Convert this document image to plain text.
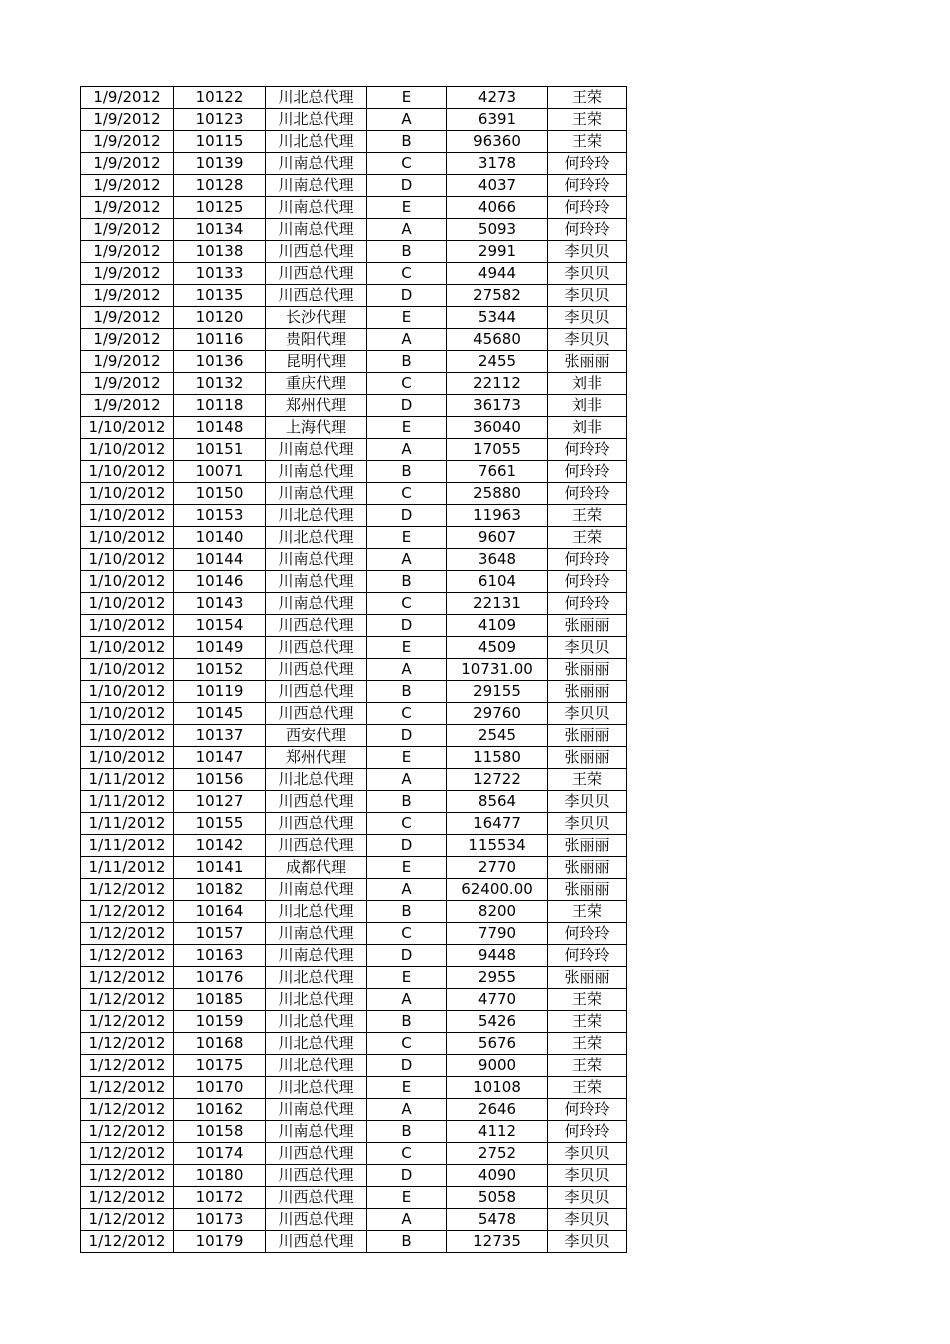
1/9/2012	10122	川北总代理	E	4273	王荣
1/9/2012	10123	川北总代理	A	6391	王荣
1/9/2012	10115	川北总代理	B	96360	王荣
1/9/2012	10139	川南总代理	C	3178	何玲玲
1/9/2012	10128	川南总代理	D	4037	何玲玲
1/9/2012	10125	川南总代理	E	4066	何玲玲
1/9/2012	10134	川南总代理	A	5093	何玲玲
1/9/2012	10138	川西总代理	B	2991	李贝贝
1/9/2012	10133	川西总代理	C	4944	李贝贝
1/9/2012	10135	川西总代理	D	27582	李贝贝
1/9/2012	10120	长沙代理	E	5344	李贝贝
1/9/2012	10116	贵阳代理	A	45680	李贝贝
1/9/2012	10136	昆明代理	B	2455	张丽丽
1/9/2012	10132	重庆代理	C	22112	刘非
1/9/2012	10118	郑州代理	D	36173	刘非
1/10/2012	10148	上海代理	E	36040	刘非
1/10/2012	10151	川南总代理	A	17055	何玲玲
1/10/2012	10071	川南总代理	B	7661	何玲玲
1/10/2012	10150	川南总代理	C	25880	何玲玲
1/10/2012	10153	川北总代理	D	11963	王荣
1/10/2012	10140	川北总代理	E	9607	王荣
1/10/2012	10144	川南总代理	A	3648	何玲玲
1/10/2012	10146	川南总代理	B	6104	何玲玲
1/10/2012	10143	川南总代理	C	22131	何玲玲
1/10/2012	10154	川西总代理	D	4109	张丽丽
1/10/2012	10149	川西总代理	E	4509	李贝贝
1/10/2012	10152	川西总代理	A	10731.00	张丽丽
1/10/2012	10119	川西总代理	B	29155	张丽丽
1/10/2012	10145	川西总代理	C	29760	李贝贝
1/10/2012	10137	西安代理	D	2545	张丽丽
1/10/2012	10147	郑州代理	E	11580	张丽丽
1/11/2012	10156	川北总代理	A	12722	王荣
1/11/2012	10127	川西总代理	B	8564	李贝贝
1/11/2012	10155	川西总代理	C	16477	李贝贝
1/11/2012	10142	川西总代理	D	115534	张丽丽
1/11/2012	10141	成都代理	E	2770	张丽丽
1/12/2012	10182	川南总代理	A	62400.00	张丽丽
1/12/2012	10164	川北总代理	B	8200	王荣
1/12/2012	10157	川南总代理	C	7790	何玲玲
1/12/2012	10163	川南总代理	D	9448	何玲玲
1/12/2012	10176	川北总代理	E	2955	张丽丽
1/12/2012	10185	川北总代理	A	4770	王荣
1/12/2012	10159	川北总代理	B	5426	王荣
1/12/2012	10168	川北总代理	C	5676	王荣
1/12/2012	10175	川北总代理	D	9000	王荣
1/12/2012	10170	川北总代理	E	10108	王荣
1/12/2012	10162	川南总代理	A	2646	何玲玲
1/12/2012	10158	川南总代理	B	4112	何玲玲
1/12/2012	10174	川西总代理	C	2752	李贝贝
1/12/2012	10180	川西总代理	D	4090	李贝贝
1/12/2012	10172	川西总代理	E	5058	李贝贝
1/12/2012	10173	川西总代理	A	5478	李贝贝
1/12/2012	10179	川西总代理	B	12735	李贝贝
